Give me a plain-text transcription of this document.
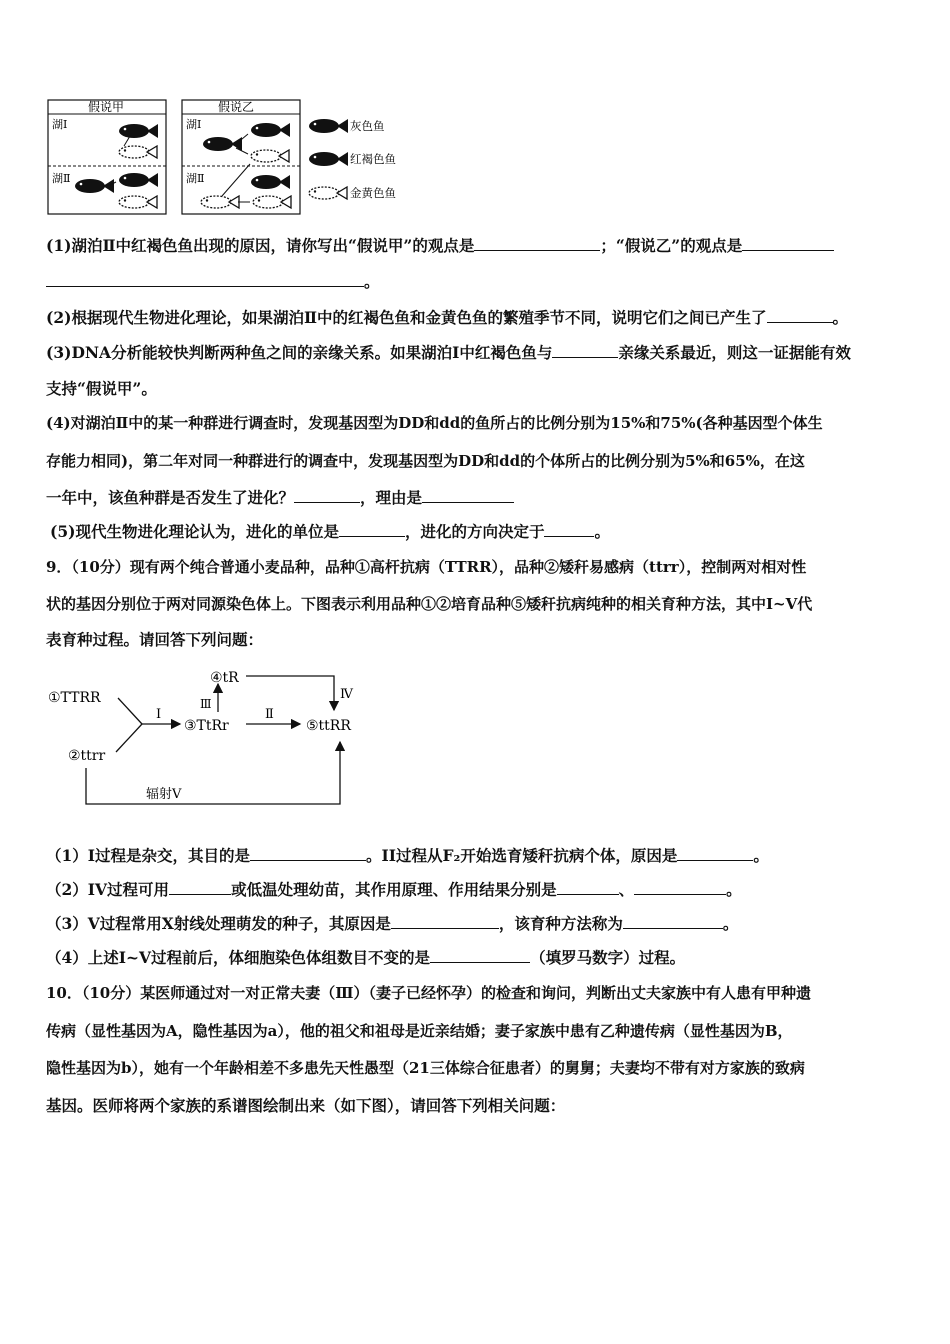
假说甲
湖Ⅰ
湖Ⅱ
假说乙
湖Ⅰ
湖Ⅱ
灰色鱼
红褐色鱼
金黄色鱼
(1)湖泊Ⅱ中红褐色鱼出现的原因，请你写出“假说甲”的观点是	；“假说乙”的观点是
。
(2)根据现代生物进化理论，如果湖泊Ⅱ中的红褐色鱼和金黄色鱼的繁殖季节不同，说明它们之间已产生了	。
(3)DNA分析能较快判断两种鱼之间的亲缘关系。如果湖泊Ⅰ中红褐色鱼与	亲缘关系最近，则这一证据能有效
支持“假说甲”。
(4)对湖泊Ⅱ中的某一种群进行调查时，发现基因型为DD和dd的鱼所占的比例分别为15%和75%(各种基因型个体生
存能力相同)，第二年对同一种群进行的调查中，发现基因型为DD和dd的个体所占的比例分别为5%和65%，在这
一年中，该鱼种群是否发生了进化？	，理由是
(5)现代生物进化理论认为，进化的单位是	，进化的方向决定于	。
9．（10分）现有两个纯合普通小麦品种，品种①高杆抗病（TTRR），品种②矮秆易感病（ttrr），控制两对相对性
状的基因分别位于两对同源染色体上。下图表示利用品种①②培育品种⑤矮秆抗病纯种的相关育种方法，其中Ⅰ~Ⅴ代
表育种过程。请回答下列问题：
①TTRR
②ttrr
③TtRr
④tR
⑤ttRR
Ⅰ
Ⅲ
Ⅱ
Ⅳ
辐射Ⅴ
（1）Ⅰ过程是杂交，其目的是	。II过程从F₂开始选育矮秆抗病个体，原因是	。
（2）IV过程可用	或低温处理幼苗，其作用原理、作用结果分别是	、	。
（3）V过程常用X射线处理萌发的种子，其原因是	，该育种方法称为	。
（4）上述Ⅰ~Ⅴ过程前后，体细胞染色体组数目不变的是	（填罗马数字）过程。
10．（10分）某医师通过对一对正常夫妻（Ⅲ）（妻子已经怀孕）的检查和询问，判断出丈夫家族中有人患有甲种遗
传病（显性基因为A，隐性基因为a），他的祖父和祖母是近亲结婚；妻子家族中患有乙种遗传病（显性基因为B，
隐性基因为b），她有一个年龄相差不多患先天性愚型（21三体综合征患者）的舅舅；夫妻均不带有对方家族的致病
基因。医师将两个家族的系谱图绘制出来（如下图），请回答下列相关问题：
